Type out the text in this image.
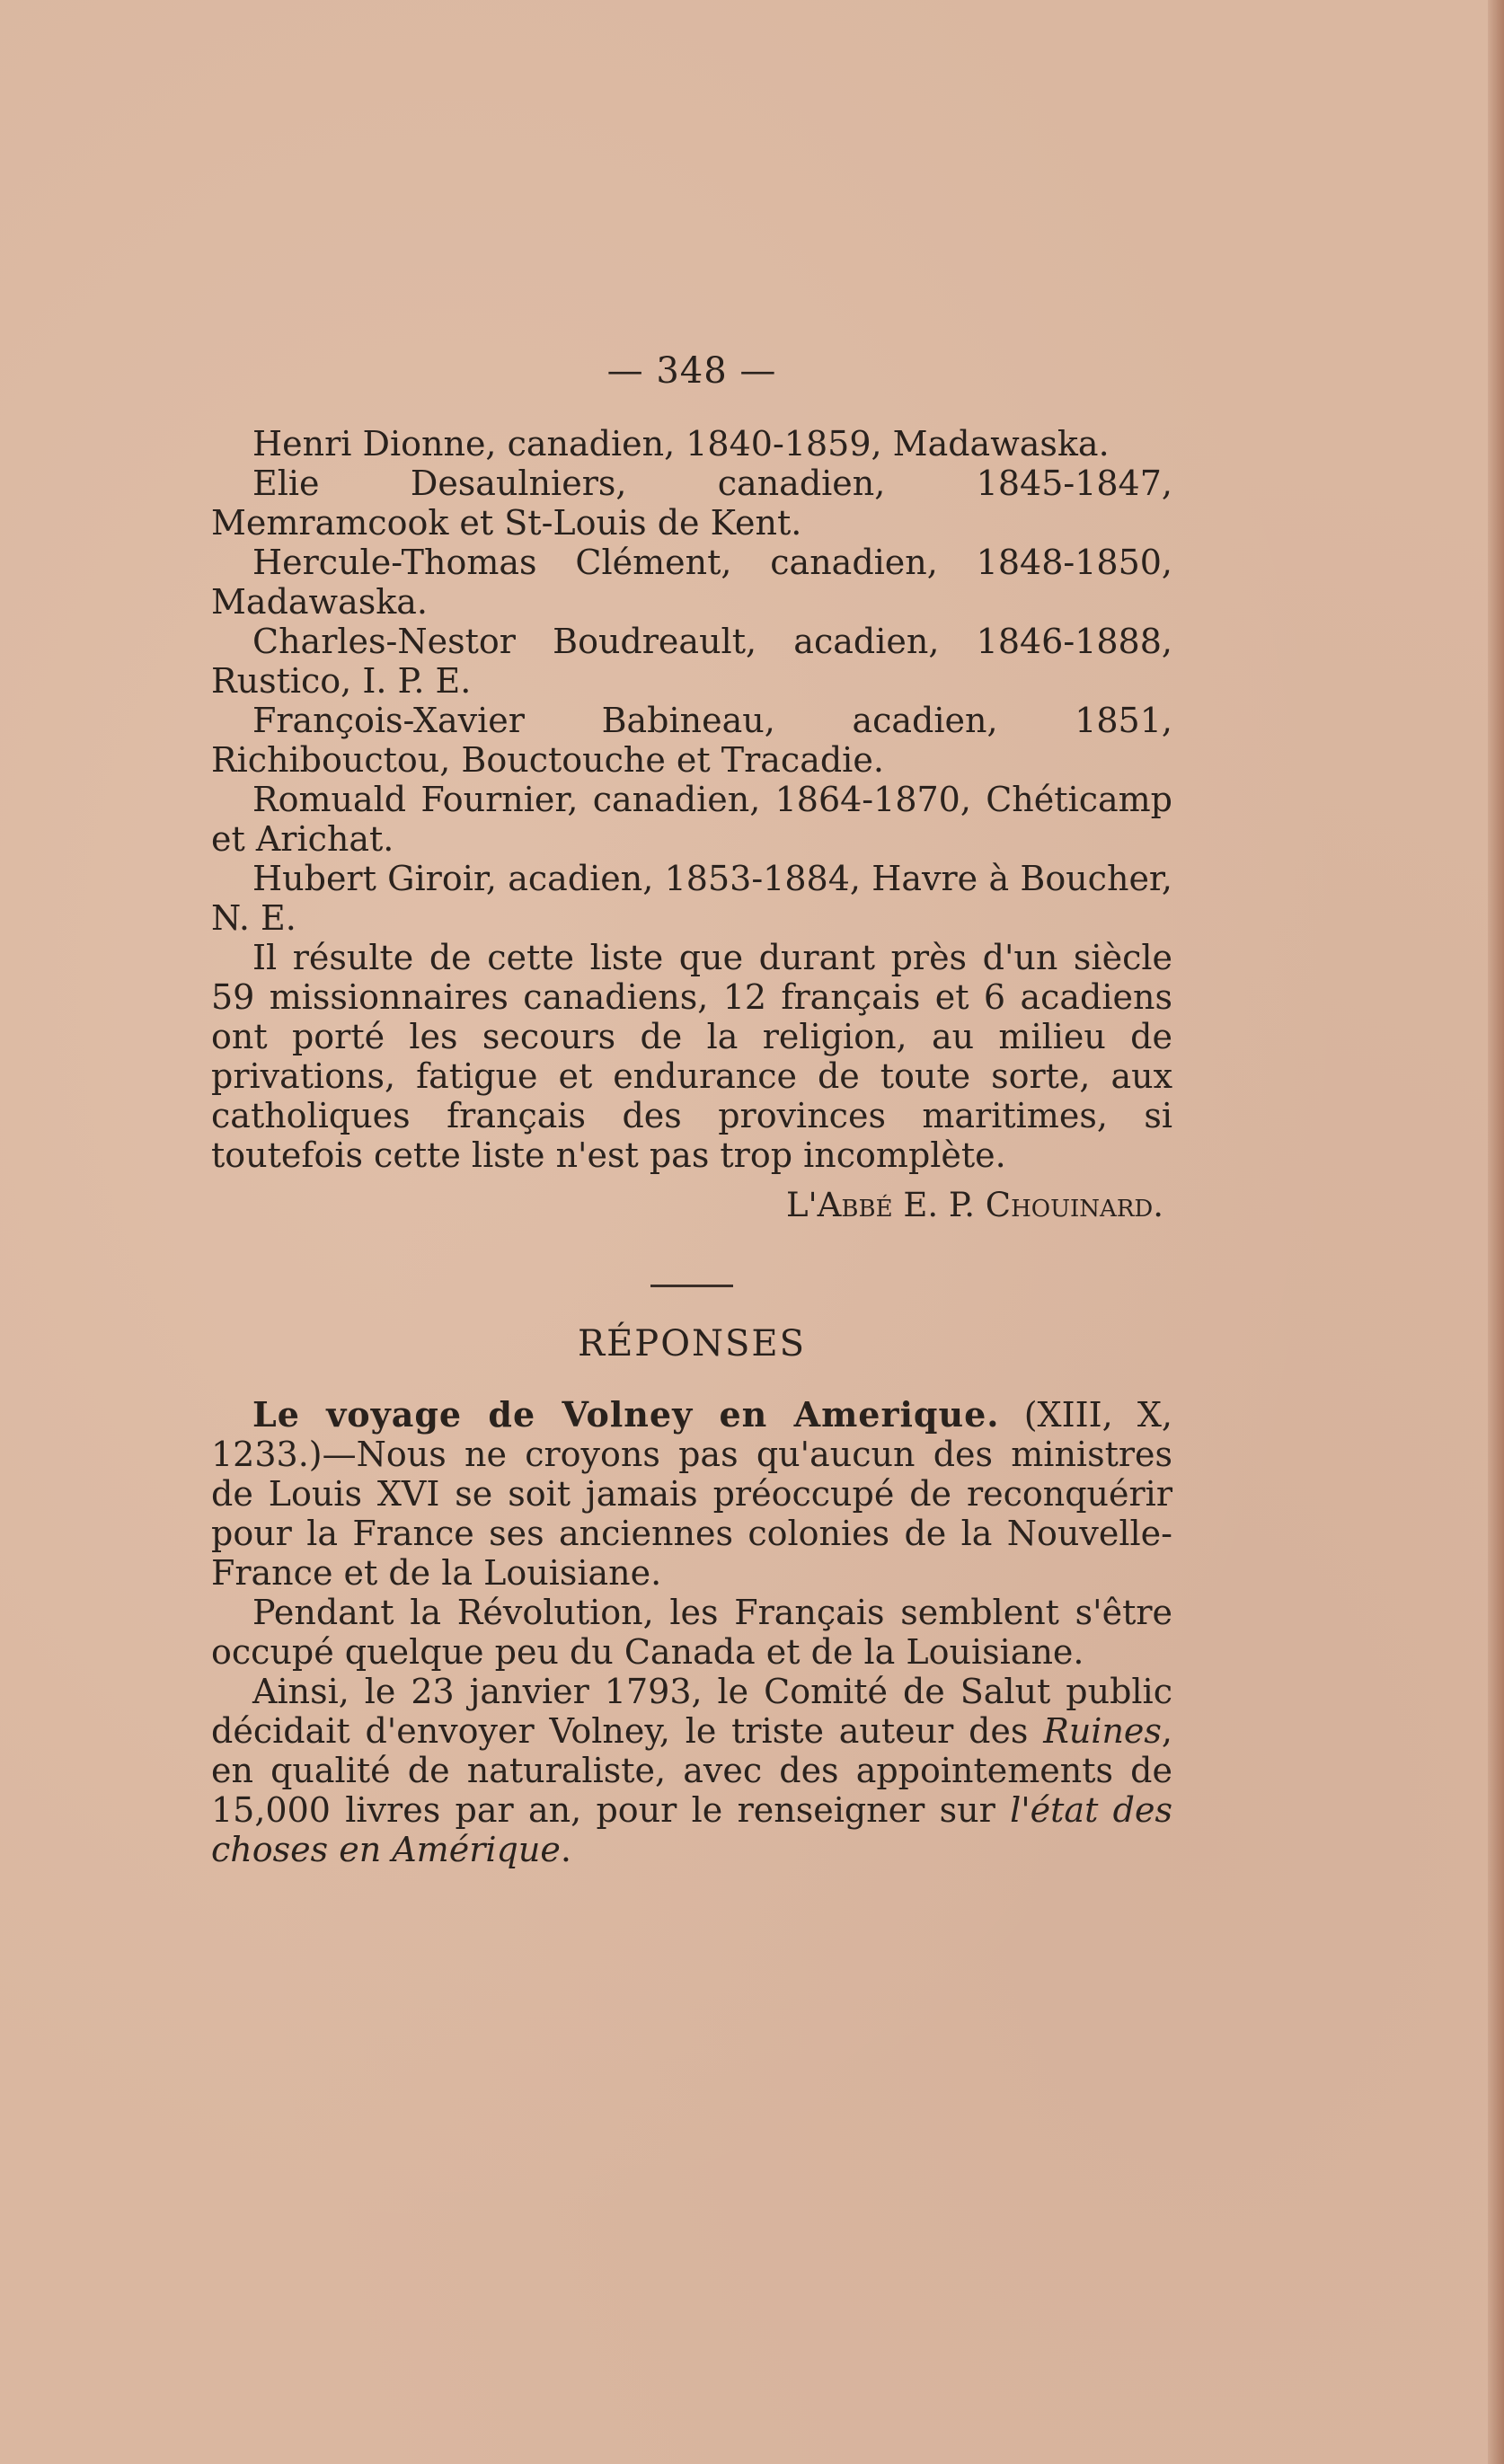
— 348 —

Henri Dionne, canadien, 1840-1859, Madawaska.

Elie Desaulniers, canadien, 1845-1847, Memramcook et St-Louis de Kent.

Hercule-Thomas Clément, canadien, 1848-1850, Madawaska.

Charles-Nestor Boudreault, acadien, 1846-1888, Rustico, I. P. E.

François-Xavier Babineau, acadien, 1851, Richibouctou, Bouctouche et Tracadie.

Romuald Fournier, canadien, 1864-1870, Chéticamp et Arichat.

Hubert Giroir, acadien, 1853-1884, Havre à Boucher, N. E.

Il résulte de cette liste que durant près d'un siècle 59 missionnaires canadiens, 12 français et 6 acadiens ont porté les secours de la religion, au milieu de privations, fatigue et endurance de toute sorte, aux catholiques français des provinces maritimes, si toutefois cette liste n'est pas trop incomplète.

L'Abbé E. P. Chouinard.
RÉPONSES

Le voyage de Volney en Amerique. (XIII, X, 1233.)—Nous ne croyons pas qu'aucun des ministres de Louis XVI se soit jamais préoccupé de reconquérir pour la France ses anciennes colonies de la Nouvelle-France et de la Louisiane.

Pendant la Révolution, les Français semblent s'être occupé quelque peu du Canada et de la Louisiane.

Ainsi, le 23 janvier 1793, le Comité de Salut public décidait d'envoyer Volney, le triste auteur des Ruines, en qualité de naturaliste, avec des appointements de 15,000 livres par an, pour le renseigner sur l'état des choses en Amérique.
